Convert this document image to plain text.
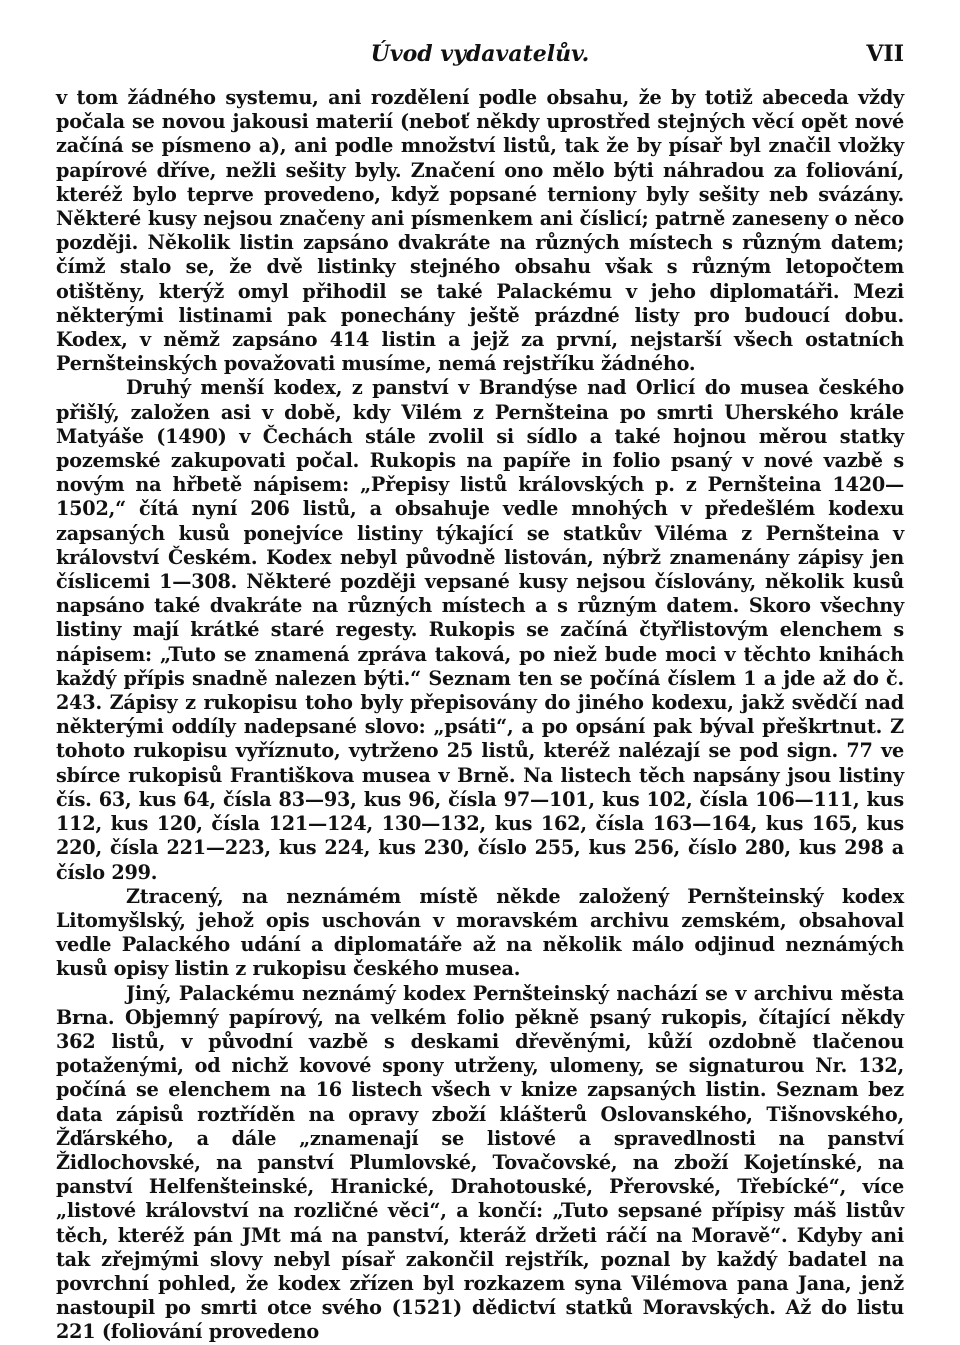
Úvod vydavatelův.	VII

v tom žádného systemu, ani rozdělení podle obsahu, že by totiž abeceda vždy počala se novou jakousi materií (neboť někdy uprostřed stejných věcí opět nové začíná se písmeno a), ani podle množství listů, tak že by písař byl značil vložky papírové dříve, nežli sešity byly. Značení ono mělo býti náhradou za foliování, kteréž bylo teprve provedeno, když popsané terniony byly sešity neb svázány. Některé kusy nejsou značeny ani písmenkem ani číslicí; patrně zaneseny o něco později. Několik listin zapsáno dvakráte na různých místech s různým datem; čímž stalo se, že dvě listinky stejného obsahu však s různým letopočtem otištěny, kterýž omyl přihodil se také Palackému v jeho diplomatáři. Mezi některými listinami pak ponechány ještě prázdné listy pro budoucí dobu. Kodex, v němž zapsáno 414 listin a jejž za první, nejstarší všech ostatních Pernšteinských považovati musíme, nemá rejstříku žádného.

Druhý menší kodex, z panství v Brandýse nad Orlicí do musea českého přišlý, založen asi v době, kdy Vilém z Pernšteina po smrti Uherského krále Matyáše (1490) v Čechách stále zvolil si sídlo a také hojnou měrou statky pozemské zakupovati počal. Rukopis na papíře in folio psaný v nové vazbě s novým na hřbetě nápisem: „Přepisy listů královských p. z Pernšteina 1420—1502,“ čítá nyní 206 listů, a obsahuje vedle mnohých v předešlém kodexu zapsaných kusů ponejvíce listiny týkající se statkův Viléma z Pernšteina v království Českém. Kodex nebyl původně listován, nýbrž znamenány zápisy jen číslicemi 1—308. Některé později vepsané kusy nejsou číslovány, několik kusů napsáno také dvakráte na různých místech a s různým datem. Skoro všechny listiny mají krátké staré regesty. Rukopis se začíná čtyřlistovým elenchem s nápisem: „Tuto se znamená zpráva taková, po niež bude moci v těchto knihách každý přípis snadně nalezen býti.“ Seznam ten se počíná číslem 1 a jde až do č. 243. Zápisy z rukopisu toho byly přepisovány do jiného kodexu, jakž svědčí nad některými oddíly nadepsané slovo: „psáti“, a po opsání pak býval přeškrtnut. Z tohoto rukopisu vyříznuto, vytrženo 25 listů, kteréž nalézají se pod sign. 77 ve sbírce rukopisů Františkova musea v Brně. Na listech těch napsány jsou listiny čís. 63, kus 64, čísla 83—93, kus 96, čísla 97—101, kus 102, čísla 106—111, kus 112, kus 120, čísla 121—124, 130—132, kus 162, čísla 163—164, kus 165, kus 220, čísla 221—223, kus 224, kus 230, číslo 255, kus 256, číslo 280, kus 298 a číslo 299.

Ztracený, na neznámém místě někde založený Pernšteinský kodex Litomyšlský, jehož opis uschován v moravském archivu zemském, obsahoval vedle Palackého udání a diplomatáře až na několik málo odjinud neznámých kusů opisy listin z rukopisu českého musea.

Jiný, Palackému neznámý kodex Pernšteinský nachází se v archivu města Brna. Objemný papírový, na velkém folio pěkně psaný rukopis, čítající někdy 362 listů, v původní vazbě s deskami dřevěnými, kůží ozdobně tlačenou potaženými, od nichž kovové spony utrženy, ulomeny, se signaturou Nr. 132, počíná se elenchem na 16 listech všech v knize zapsaných listin. Seznam bez data zápisů roztříděn na opravy zboží klášterů Oslovanského, Tišnovského, Žďárského, a dále „znamenají se listové a spravedlnosti na panství Židlochovské, na panství Plumlovské, Tovačovské, na zboží Kojetínské, na panství Helfenšteinské, Hranické, Drahotouské, Přerovské, Třebícké“, více „listové království na rozličné věci“, a končí: „Tuto sepsané přípisy máš listův těch, kteréž pán JMt má na panství, kteráž držeti ráčí na Moravě“. Kdyby ani tak zřejmými slovy nebyl písař zakončil rejstřík, poznal by každý badatel na povrchní pohled, že kodex zřízen byl rozkazem syna Vilémova pana Jana, jenž nastoupil po smrti otce svého (1521) dědictví statků Moravských. Až do listu 221 (foliování provedeno
